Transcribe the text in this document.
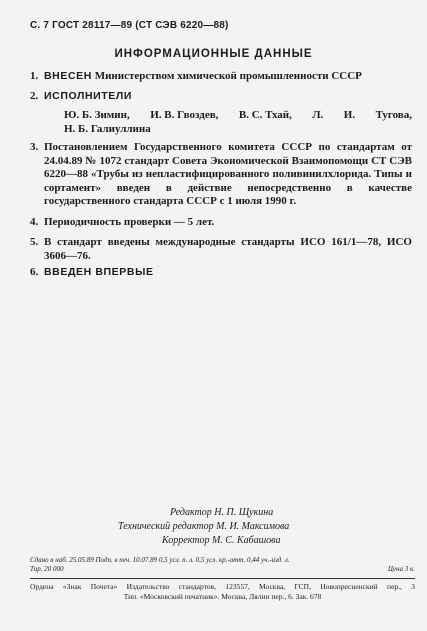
С. 7 ГОСТ 28117—89 (СТ СЭВ 6220—88)
ИНФОРМАЦИОННЫЕ ДАННЫЕ
1. ВНЕСЕН Министерством химической промышленности СССР
2. ИСПОЛНИТЕЛИ
Ю. Б. Зимин, И. В. Гвоздев, В. С. Тхай, Л. И. Тугова,
Н. Б. Галиуллина
3. Постановлением Государственного комитета СССР по стандартам от 24.04.89 № 1072 стандарт Совета Экономической Взаимопомощи СТ СЭВ 6220—88 «Трубы из непластифицированного поливинилхлорида. Типы и сортамент» введен в действие непосредственно в качестве государственного стандарта СССР с 1 июля 1990 г.
4. Периодичность проверки — 5 лет.
5. В стандарт введены международные стандарты ИСО 161/1—78, ИСО 3606—76.
6. ВВЕДЕН ВПЕРВЫЕ
Редактор Н. П. Щукина
Технический редактор М. И. Максимова
Корректор М. С. Кабашова
Сдано в наб. 25.05.89 Подп. в печ. 10.07.89 0,5 усл. п. л. 0,5 усл. кр.-отт. 0,44 уч.-изд. л.
Тир. 20 000	Цена 3 к.
Ордена «Знак Почета» Издательство стандартов, 123557, Москва, ГСП, Новопресненский пер., 3
Тип. «Московский печатник». Москва, Лялин пер., 6. Зак. 678
